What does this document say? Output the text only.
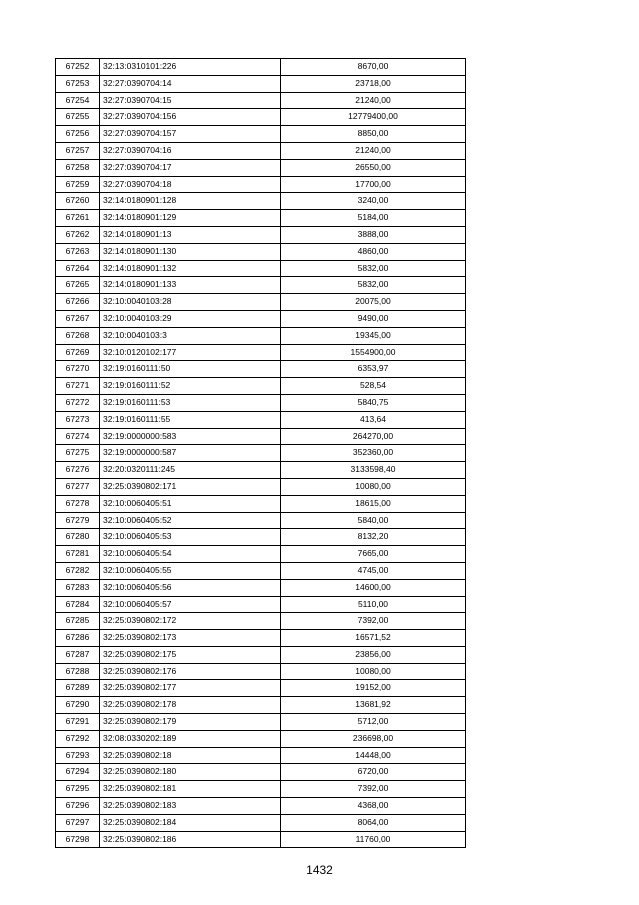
67252	32:13:0310101:226	8670,00
67253	32:27:0390704:14	23718,00
67254	32:27:0390704:15	21240,00
67255	32:27:0390704:156	12779400,00
67256	32:27:0390704:157	8850,00
67257	32:27:0390704:16	21240,00
67258	32:27:0390704:17	26550,00
67259	32:27:0390704:18	17700,00
67260	32:14:0180901:128	3240,00
67261	32:14:0180901:129	5184,00
67262	32:14:0180901:13	3888,00
67263	32:14:0180901:130	4860,00
67264	32:14:0180901:132	5832,00
67265	32:14:0180901:133	5832,00
67266	32:10:0040103:28	20075,00
67267	32:10:0040103:29	9490,00
67268	32:10:0040103:3	19345,00
67269	32:10:0120102:177	1554900,00
67270	32:19:0160111:50	6353,97
67271	32:19:0160111:52	528,54
67272	32:19:0160111:53	5840,75
67273	32:19:0160111:55	413,64
67274	32:19:0000000:583	264270,00
67275	32:19:0000000:587	352360,00
67276	32:20:0320111:245	3133598,40
67277	32:25:0390802:171	10080,00
67278	32:10:0060405:51	18615,00
67279	32:10:0060405:52	5840,00
67280	32:10:0060405:53	8132,20
67281	32:10:0060405:54	7665,00
67282	32:10:0060405:55	4745,00
67283	32:10:0060405:56	14600,00
67284	32:10:0060405:57	5110,00
67285	32:25:0390802:172	7392,00
67286	32:25:0390802:173	16571,52
67287	32:25:0390802:175	23856,00
67288	32:25:0390802:176	10080,00
67289	32:25:0390802:177	19152,00
67290	32:25:0390802:178	13681,92
67291	32:25:0390802:179	5712,00
67292	32:08:0330202:189	236698,00
67293	32:25:0390802:18	14448,00
67294	32:25:0390802:180	6720,00
67295	32:25:0390802:181	7392,00
67296	32:25:0390802:183	4368,00
67297	32:25:0390802:184	8064,00
67298	32:25:0390802:186	11760,00
1432
